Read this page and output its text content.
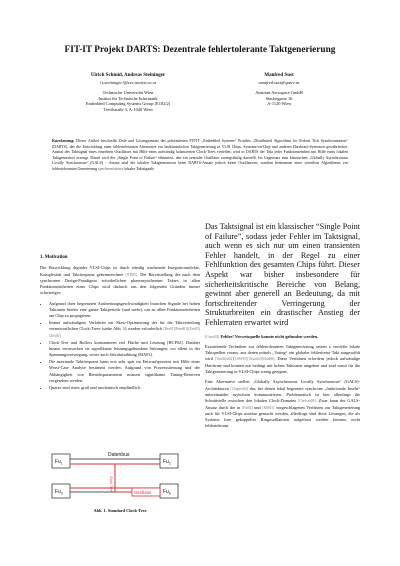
FIT-IT Projekt DARTS: Dezentrale fehlertolerante Taktgenerierung
Ulrich Schmid, Andreas Steininger
{s,steininger}@ecs.tuwien.ac.at
Technische Universität Wien
Institut für Technische Informatik
Embedded Computing Systems Group (E182/2)
Treitlstraße 3, A-1040 Wien
Manfred Sust
manfred.sust@space.at
Austrian Aerospace GmbH
Stachegasse 16
A-1120 Wien
Kurzfassung: Dieser Artikel beschreibt Ziele und Lösungsansatz des präsentierten FIT-IT „Embedded Systems“ Projekts „Distributed Algorithms for Robust Tick Synchronization“ (DARTS), das die Entwicklung einer fehlertoleranten Alternative zur herkömmlichen Taktgenerierung in VLSI Chips, Systems-on-Chip und anderen Hardware-Systemen gewährleistet. Ansttat des Taktsignal eines einzelnen Oszillators mit Hilfe eines aufwändig balancierten Clock-Trees verteilen, wird in DARTS der Takt jeder Funktionseinheit mit Hilfe eines lokalen Taktgenerators erzeugt. Damit wird der „Single Point of Failure“ eliminiert, den ein zentraler Oszillator zwangsläufig darstellt. Im Gegensatz zum klassischen „Globally Asynchronous Locally Synchronous“ (GALS) - Ansatz sind die lokalen Taktgeneratoren beim DARTS-Ansatz jedoch keine Oszillatoren, sondern bestimmen einer verteilten Algorithmus zur fehlertoleranten Generierung synchronisierter lokaler Taktsignale.
1. Motivation

Die Entwicklung digitaler VLSI-Chips ist durch ständig wachsende Integrationsdichte, Komplexität und Taktfrequenz gekennzeichnet [ITR05]. Die Bereitstellung des nach dem synchronen Design-Paradigma erforderlichen phasensynchronen Taktes in allen Funktionseinheiten eines Chips wird dadurch aus den folgenden Gründen immer schwieriger:

• Aufgrund ihrer begrenzten Ausbreitungsgeschwindigkeit brauchen Signale bei hohen Taktraten bereits eine ganze Taktperiode (und mehr), um zu allen Funktionseinheiten am Chip zu propagieren.
• Immer aufwändigere Verfahren zur Skew-Optimierung des für die Taktverteilung verantwortlichen Clock-Trees (siehe Abb. 1) werden erforderlich [Res01][Fried01][Zeit03][Zeit02]
• Clock-Tree und Buffers konsumieren viel Fläche und Leistung [HCP02]. Darüber hinaus verursachen sie signifikante leistungsgebundene Störungen, vor allem in der Spannungsversorgung, sowie auch Störabstrahlung [MA03].
• Die maximale Taktfrequenz kann erst sehr spät im Entwurfsprozess mit Hilfe einer Worst-Case Analyse bestimmt werden. Aufgrund von Prozessstreuung und der Abhängigkeit von Betriebsparametern müssen signifikante Timing-Reserven vorgesehen werden.
• Quarze sind teuer, groß und mechanisch empfindlich.

Das Taktsignal ist ein klassischer “Single Point of Failure”, sodass jeder Fehler im Taktsignal, auch wenn es sich nur um einen transienten Fehler handelt, in der Regel zu einer Fehlfunktion des gesamten Chips führt. Dieser Aspekt war bisher insbesondere für sicherheitskritische Bereiche von Belang, gewinnt aber generell an Bedeutung, da mit fortschreitender Verringerung der Strukturbreiten ein drastischer Anstieg der Fehlerraten erwartet wird

[Const02] Fehler! Verweisquelle konnte nicht gefunden werden.

Existierende Techniken zur fehlertoleranten Taktgenerierung setzen z vertiefte lokale Taktquellen voraus, aus denen mittels „Voting“ ein globaler fehlerfreier Takt ausgewählt wird [VanAlen02][LSW95][Vasan04][Shin88]. Diese Verfahren erfordern jedoch aufwändige Hardware und können nur bedingt mit hohen Taktraten umgehen und sind somit für die Taktgenerierung in VLSI-Chips wenig geeignet.

Eine Alternative stellen „Globally Asynchronous Locally Synchronous“ (GALS)-Architekturen [Chapiro84] dar, bei denen lokal begrenzte synchrone „funktionale Inseln“ untereinander asynchron kommunizieren. Problematisch ist hier allerdings die Schnittstelle zwischen den lokalen Clock-Domains [Chelcea00]. Zwar kann der GALS-Ansatz durch die in [Fai04] und [MA03] vorgeschlagenen Verfahren zur Taktgenerierung auch für VLSI-Chips nutzbar gemacht werden, allerdings sind diese Lösungen, die als Systeme lose gekoppelter Ringoszillatoren aufgefasst werden können, nicht fehlertolerant.

Datenbus
$Fu_1$	$Fu_2$
$Fu_3$	$Fu_4$
Clock-Tree
Oszillator
Abb. 1. Standard Clock-Tree
